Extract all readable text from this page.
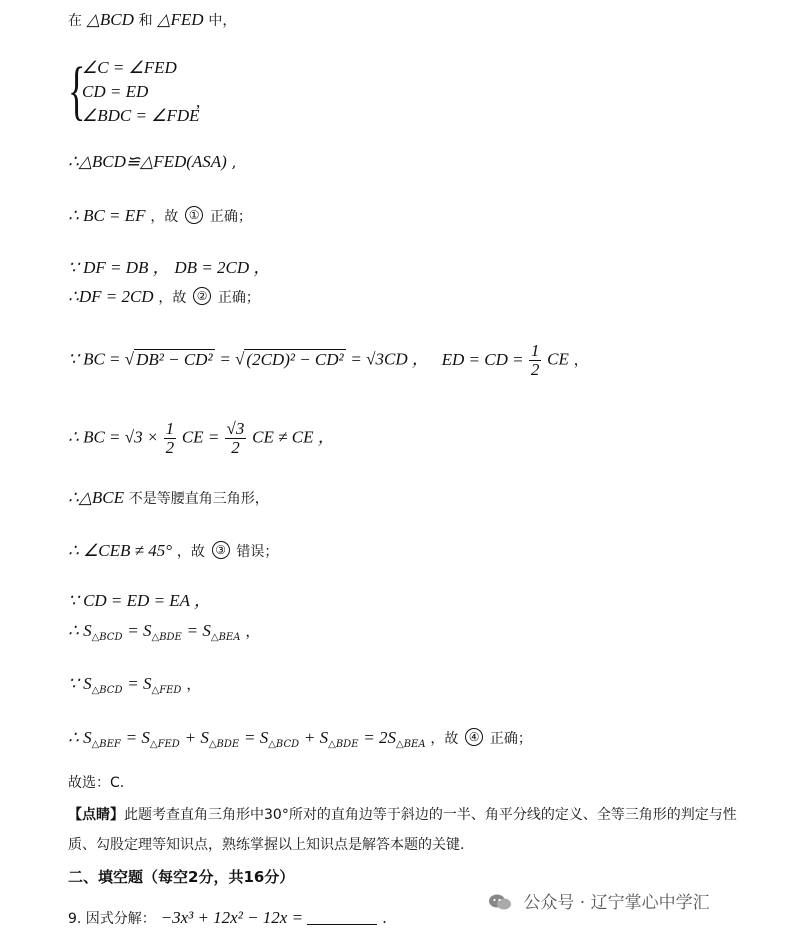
在 △BCD 和 △FED 中，
{
∠C = ∠FED
CD = ED
∠BDC = ∠FDE
,
∴△BCD≌△FED(ASA) ,
∴ BC = EF ，故 ① 正确；
∵ DF = DB ， DB = 2CD ，
∴DF = 2CD ，故 ② 正确；
∵ BC = √ DB² − CD² = √ (2CD)² − CD² = √3CD ， ED = CD = $\frac{1}{2}$ CE ，
∴ BC = $√3 \times \frac{1}{2}$ CE = $\frac{√3}{2}$ CE ≠ CE ，
∴△BCE 不是等腰直角三角形，
∴ ∠CEB ≠ 45° ，故 ③ 错误；
∵ CD = ED = EA ，
∴ $S_{\triangle BCD} = S_{\triangle BDE} = S_{\triangle BEA}$ ，
∵ $S_{\triangle BCD} = S_{\triangle FED}$ ，
∴ $S_{\triangle BEF} = S_{\triangle FED} + S_{\triangle BDE} = S_{\triangle BCD} + S_{\triangle BDE} = 2S_{\triangle BEA}$ ，故 ④ 正确；
故选：C.
【点睛】此题考查直角三角形中30°所对的直角边等于斜边的一半、角平分线的定义、全等三角形的判定与性质、勾股定理等知识点，熟练掌握以上知识点是解答本题的关键.
二、填空题（每空2分，共16分）
9. 因式分解： −3x³ + 12x² − 12x =	.
公众号 · 辽宁掌心中学汇
